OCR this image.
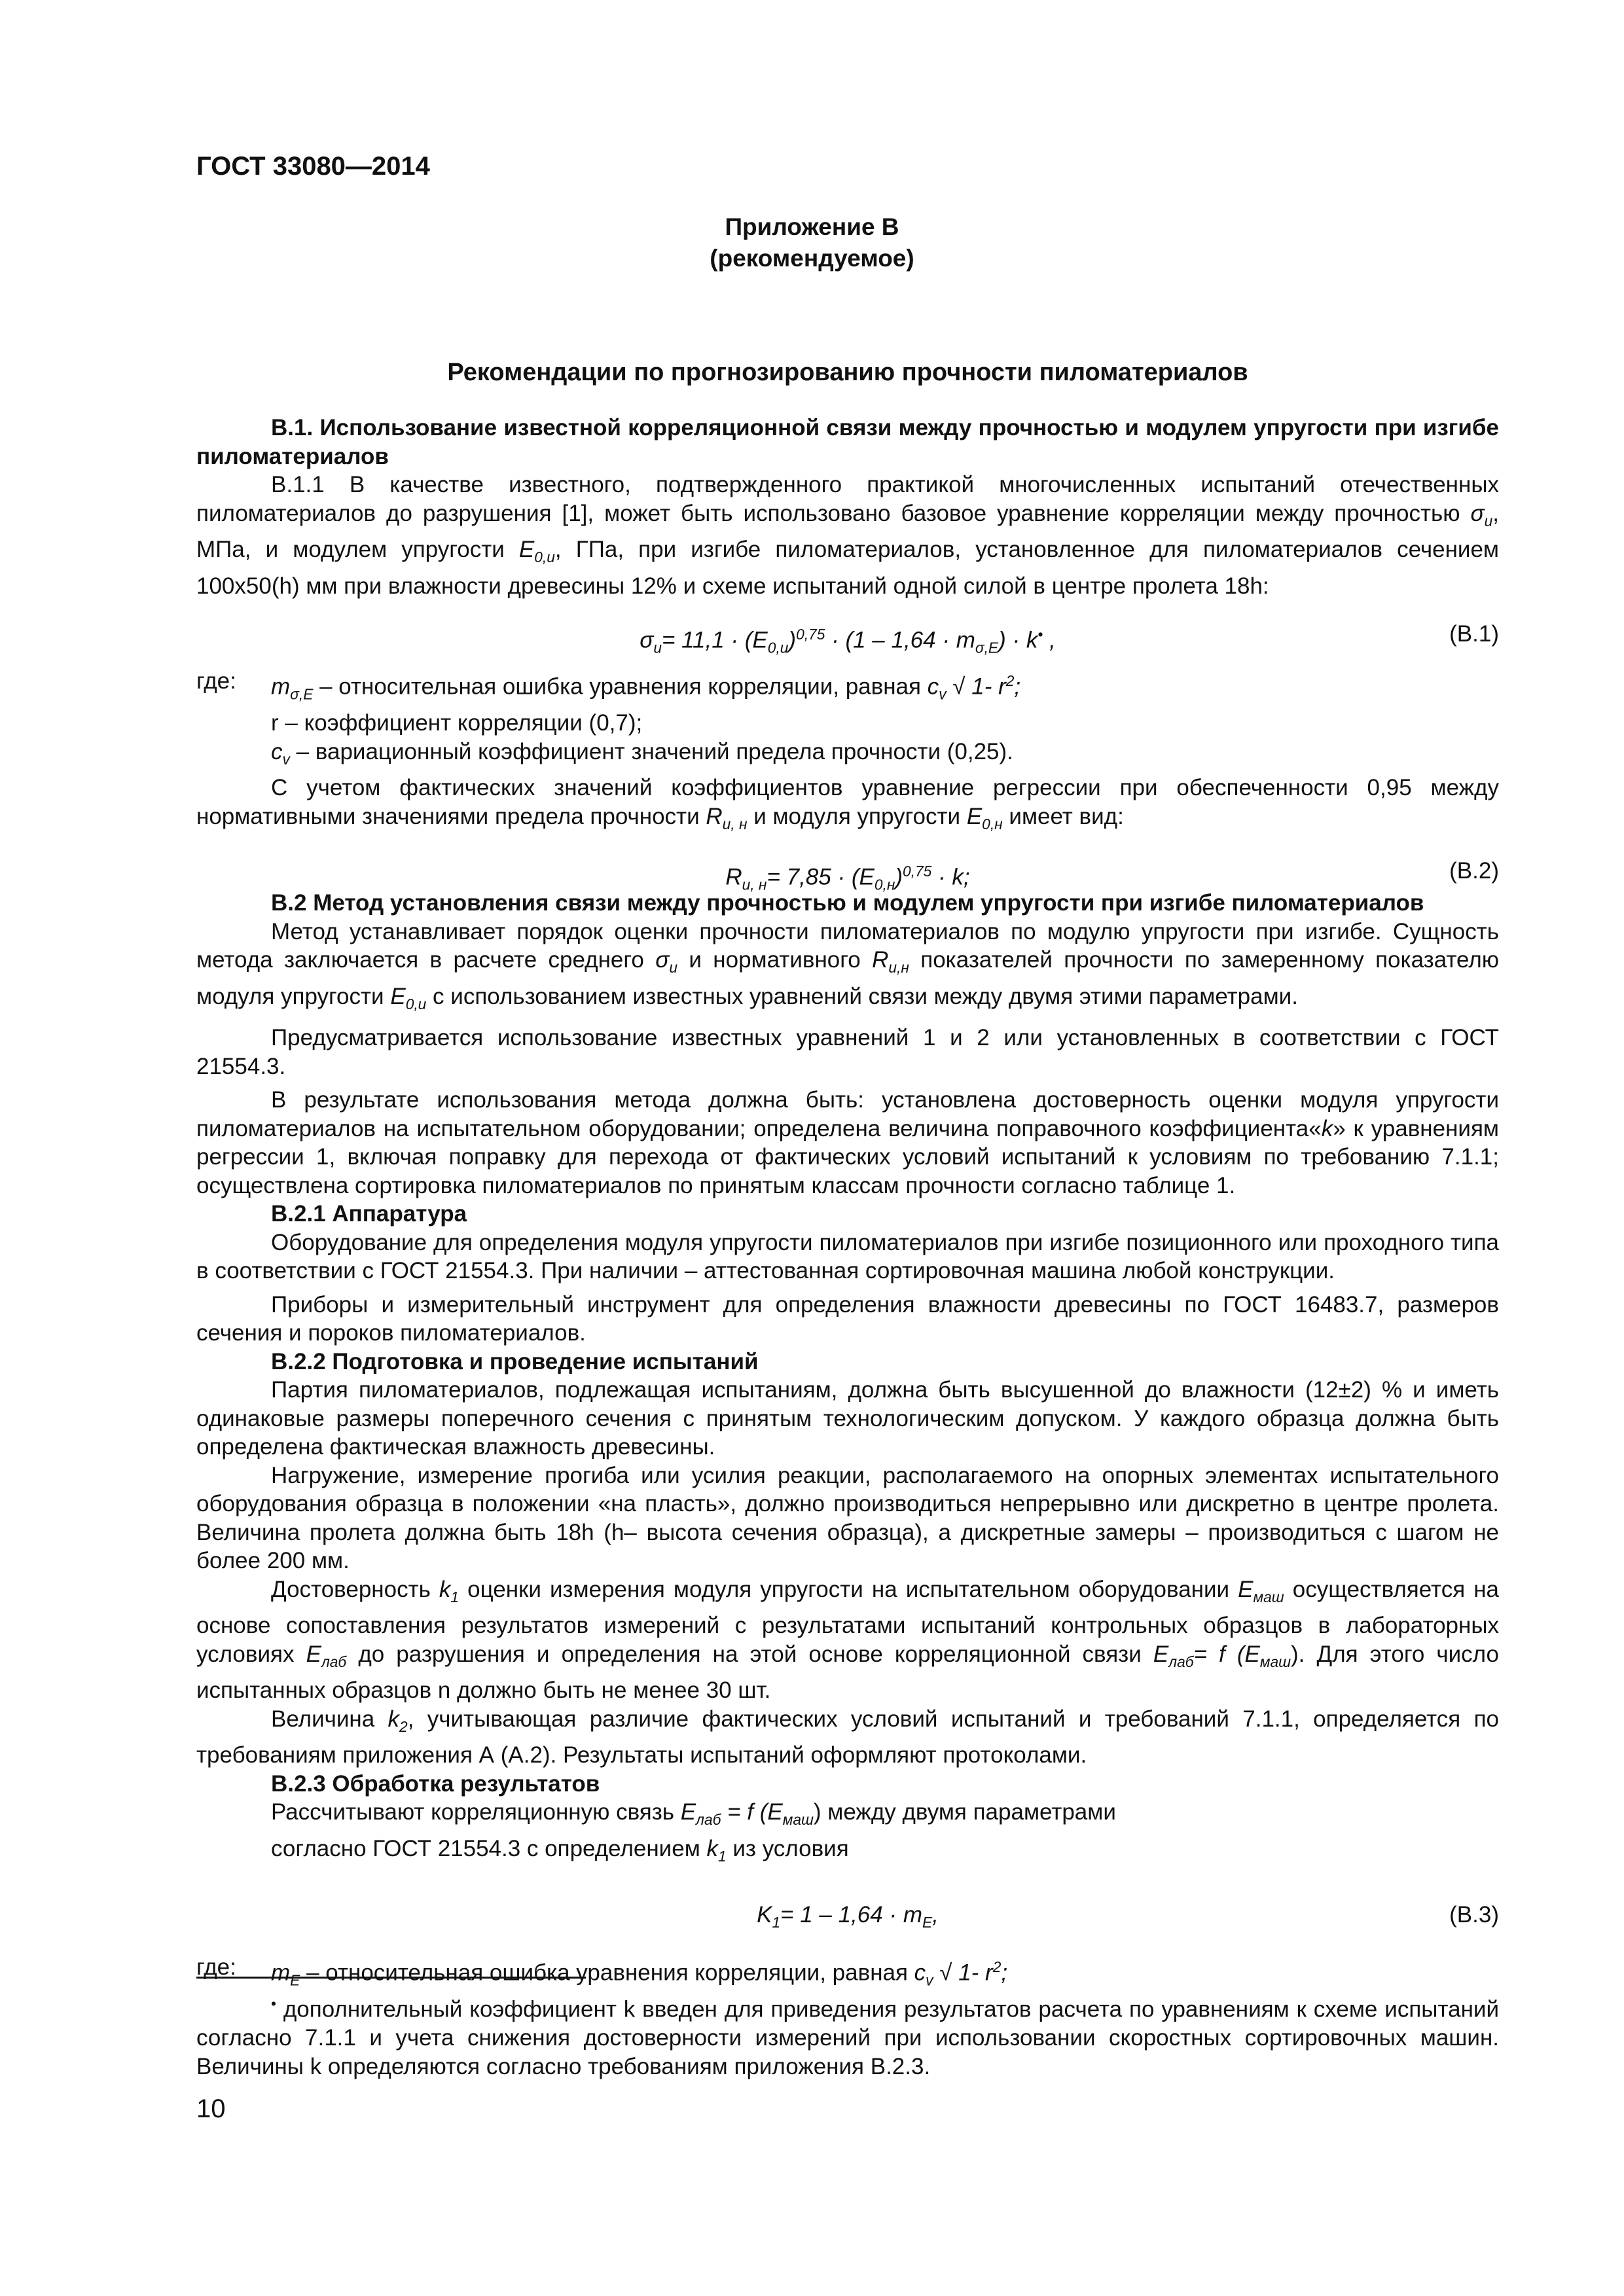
ГОСТ 33080—2014
Приложение В
(рекомендуемое)
Рекомендации по прогнозированию прочности пиломатериалов

В.1. Использование известной корреляционной связи между прочностью и модулем упругости при изгибе пиломатериалов

В.1.1 В качестве известного, подтвержденного практикой многочисленных испытаний отечественных пиломатериалов до разрушения [1], может быть использовано базовое уравнение корреляции между прочностью $\sigma_u$, МПа, и модулем упругости $E_{0,u}$, ГПа, при изгибе пиломатериалов, установленное для пиломатериалов сечением 100х50(h) мм при влажности древесины 12% и схеме испытаний одной силой в центре пролета 18h:

$\sigma_u= 11,1 \cdot (E_{0,u})^{0,75} \cdot (1 - 1,64 \cdot m_{\sigma,E}) \cdot k^•$ ,	(В.1)
где: $m_{\sigma,E}$ – относительная ошибка уравнения корреляции, равная $c_v$ √ 1- $r^2$;

r – коэффициент корреляции (0,7);

$c_v$ – вариационный коэффициент значений предела прочности (0,25).

С учетом фактических значений коэффициентов уравнение регрессии при обеспеченности 0,95 между нормативными значениями предела прочности $R_{и, н}$ и модуля упругости $E_{0,н}$ имеет вид:

$R_{и, н}= 7,85 \cdot (E_{0,н})^{0,75} \cdot k$;	(В.2)

В.2 Метод установления связи между прочностью и модулем упругости при изгибе пиломатериалов

Метод устанавливает порядок оценки прочности пиломатериалов по модулю упругости при изгибе. Сущность метода заключается в расчете среднего $\sigma_u$ и нормативного $R_{и,н}$ показателей прочности по замеренному показателю модуля упругости $E_{0,u}$ с использованием известных уравнений связи между двумя этими параметрами.

Предусматривается использование известных уравнений 1 и 2 или установленных в соответствии с ГОСТ 21554.3.

В результате использования метода должна быть: установлена достоверность оценки модуля упругости пиломатериалов на испытательном оборудовании; определена величина поправочного коэффициента«k» к уравнениям регрессии 1, включая поправку для перехода от фактических условий испытаний к условиям по требованию 7.1.1; осуществлена сортировка пиломатериалов по принятым классам прочности согласно таблице 1.

В.2.1 Аппаратура

Оборудование для определения модуля упругости пиломатериалов при изгибе позиционного или проходного типа в соответствии с ГОСТ 21554.3. При наличии – аттестованная сортировочная машина любой конструкции.

Приборы и измерительный инструмент для определения влажности древесины по ГОСТ 16483.7, размеров сечения и пороков пиломатериалов.

В.2.2 Подготовка и проведение испытаний

Партия пиломатериалов, подлежащая испытаниям, должна быть высушенной до влажности (12±2) % и иметь одинаковые размеры поперечного сечения с принятым технологическим допуском. У каждого образца должна быть определена фактическая влажность древесины.

Нагружение, измерение прогиба или усилия реакции, располагаемого на опорных элементах испытательного оборудования образца в положении «на пласть», должно производиться непрерывно или дискретно в центре пролета. Величина пролета должна быть 18h (h– высота сечения образца), а дискретные замеры – производиться с шагом не более 200 мм.

Достоверность $k_1$ оценки измерения модуля упругости на испытательном оборудовании $E_{маш}$ осуществляется на основе сопоставления результатов измерений с результатами испытаний контрольных образцов в лабораторных условиях $E_{лаб}$ до разрушения и определения на этой основе корреляционной связи $E_{лаб}= f$ $(E_{маш})$. Для этого число испытанных образцов n должно быть не менее 30 шт.

Величина $k_2$, учитывающая различие фактических условий испытаний и требований 7.1.1, определяется по требованиям приложения А (А.2). Результаты испытаний оформляют протоколами.

В.2.3 Обработка результатов

Рассчитывают корреляционную связь $E_{лаб} = f$ $(E_{маш})$ между двумя параметрами

согласно ГОСТ 21554.3 с определением $k_1$ из условия

$K_1= 1 - 1,64 \cdot m_E$,	(В.3)
где: $m_E$ – относительная ошибка уравнения корреляции, равная $c_v$ √ 1- $r^2$;

• дополнительный коэффициент k введен для приведения результатов расчета по уравнениям к схеме испытаний согласно 7.1.1 и учета снижения достоверности измерений при использовании скоростных сортировочных машин. Величины k определяются согласно требованиям приложения В.2.3.
10
